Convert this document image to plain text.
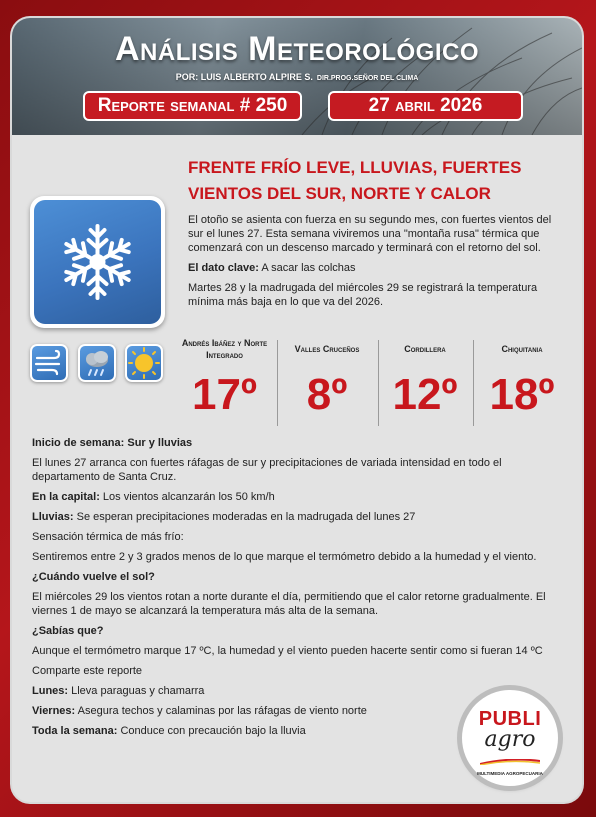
Análisis Meteorológico
POR: LUIS ALBERTO ALPIRE S. DIR.PROG.SEÑOR DEL CLIMA
Reporte semanal # 250	27 abril 2026
FRENTE FRÍO LEVE, LLUVIAS, FUERTES VIENTOS DEL SUR, NORTE Y CALOR

El otoño se asienta con fuerza en su segundo mes, con fuertes vientos del sur el lunes 27. Esta semana viviremos una "montaña rusa" térmica que comenzará con un descenso marcado y terminará con el retorno del sol.

El dato clave: A sacar las colchas

Martes 28 y la madrugada del miércoles 29 se registrará la temperatura mínima más baja en lo que va del 2026.

Andrés Ibáñez y Norte Integrado
17º
Valles Cruceños
8º
Cordillera
12º
Chiquitania
18º

Inicio de semana: Sur y lluvias

El lunes 27 arranca con fuertes ráfagas de sur y precipitaciones de variada intensidad en todo el departamento de Santa Cruz.

En la capital: Los vientos alcanzarán los 50 km/h

Lluvias: Se esperan precipitaciones moderadas en la madrugada del lunes 27

Sensación térmica de más frío:

Sentiremos entre 2 y 3 grados menos de lo que marque el termómetro debido a la humedad y el viento.

¿Cuándo vuelve el sol?

El miércoles 29 los vientos rotan a norte durante el día, permitiendo que el calor retorne gradualmente. El viernes 1 de mayo se alcanzará la temperatura más alta de la semana.

¿Sabías que?

Aunque el termómetro marque 17 ºC, la humedad y el viento pueden hacerte sentir como si fueran 14 ºC

Comparte este reporte

Lunes: Lleva paraguas y chamarra

Viernes: Asegura techos y calaminas por las ráfagas de viento norte

Toda la semana: Conduce con precaución bajo la lluvia

PUBLI
agro
MULTIMEDIA AGROPECUARIA
